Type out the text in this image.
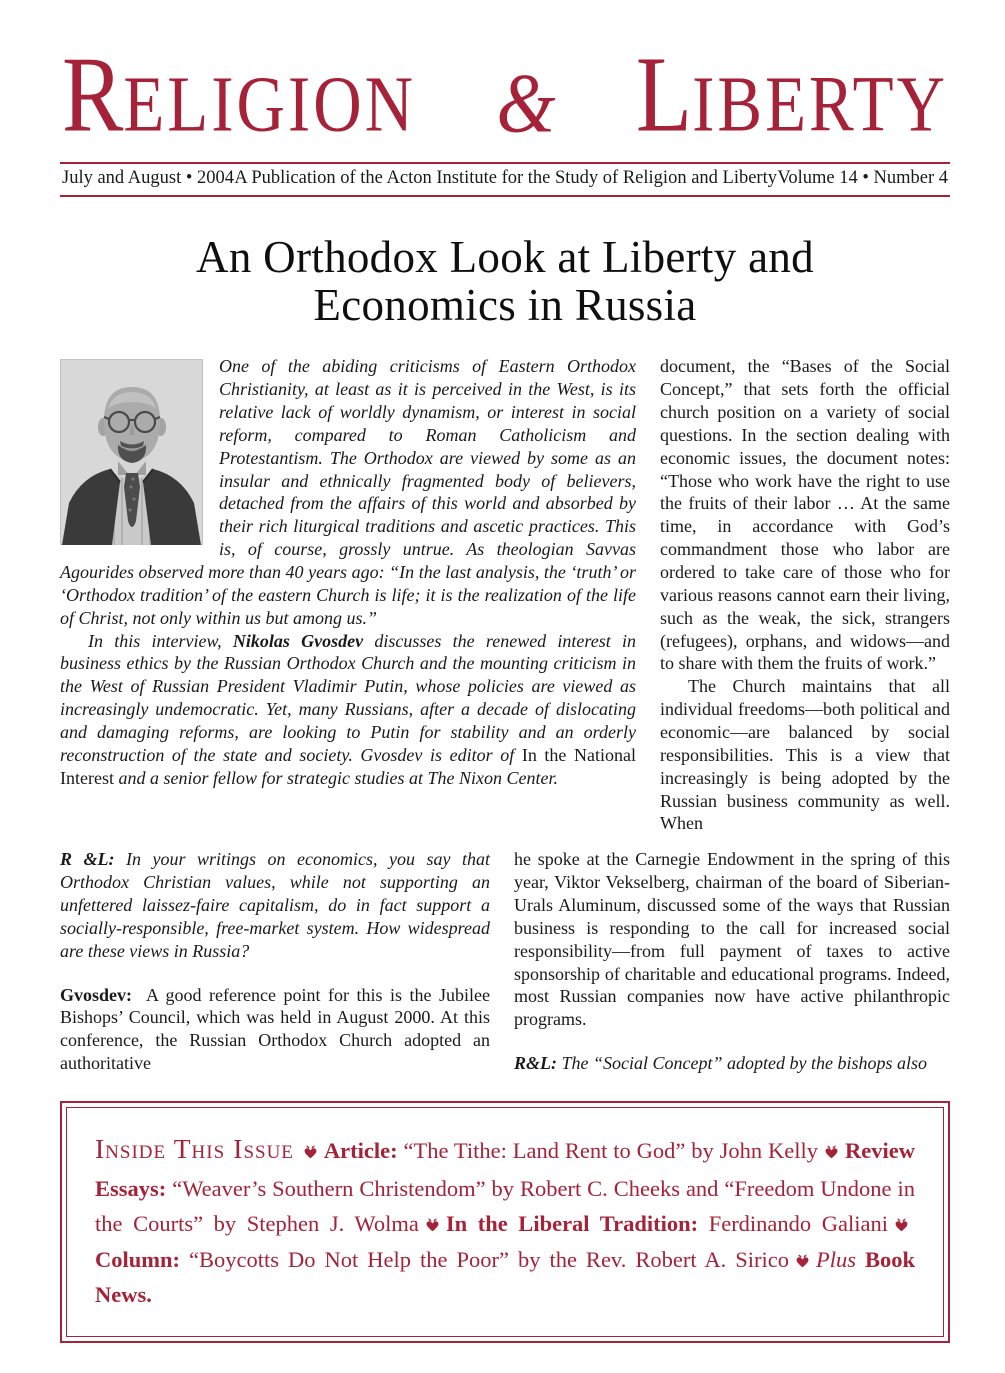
RELIGION & LIBERTY
July and August • 2004 A Publication of the Acton Institute for the Study of Religion and Liberty Volume 14 • Number 4
An Orthodox Look at Liberty and
Economics in Russia

One of the abiding criticisms of Eastern Orthodox Christianity, at least as it is perceived in the West, is its relative lack of worldly dynamism, or interest in social reform, compared to Roman Catholicism and Protestantism. The Orthodox are viewed by some as an insular and ethnically fragmented body of believers, detached from the affairs of this world and absorbed by their rich liturgical traditions and ascetic practices. This is, of course, grossly untrue. As theologian Savvas Agourides observed more than 40 years ago: “In the last analysis, the ‘truth’ or ‘Orthodox tradition’ of the eastern Church is life; it is the realization of the life of Christ, not only within us but among us.”

In this interview, Nikolas Gvosdev discusses the renewed interest in business ethics by the Russian Orthodox Church and the mounting criticism in the West of Russian President Vladimir Putin, whose policies are viewed as increasingly undemocratic. Yet, many Russians, after a decade of dislocating and damaging reforms, are looking to Putin for stability and an orderly reconstruction of the state and society. Gvosdev is editor of In the National Interest and a senior fellow for strategic studies at The Nixon Center.

document, the “Bases of the Social Concept,” that sets forth the official church position on a variety of social questions. In the section dealing with economic issues, the document notes: “Those who work have the right to use the fruits of their labor … At the same time, in accordance with God’s commandment those who labor are ordered to take care of those who for various reasons cannot earn their living, such as the weak, the sick, strangers (refugees), orphans, and widows—and to share with them the fruits of work.”

The Church maintains that all individual freedoms—both political and economic—are balanced by social responsibilities. This is a view that increasingly is being adopted by the Russian business community as well. When

R &L: In your writings on economics, you say that Orthodox Christian values, while not supporting an unfettered laissez-faire capitalism, do in fact support a socially-responsible, free-market system. How widespread are these views in Russia?

Gvosdev:  A good reference point for this is the Jubilee Bishops’ Council, which was held in August 2000. At this conference, the Russian Orthodox Church adopted an authoritative

he spoke at the Carnegie Endowment in the spring of this year, Viktor Vekselberg, chairman of the board of Siberian-Urals Aluminum, discussed some of the ways that Russian business is responding to the call for increased social responsibility—from full payment of taxes to active sponsorship of charitable and educational programs. Indeed, most Russian companies now have active philanthropic programs.

R&L: The “Social Concept” adopted by the bishops also

Inside This Issue Article: “The Tithe: Land Rent to God” by John Kelly Review Essays: “Weaver’s Southern Christendom” by Robert C. Cheeks and “Freedom Undone in the Courts” by Stephen J. Wolma In the Liberal Tradition: Ferdinando Galiani
Column: “Boycotts Do Not Help the Poor” by the Rev. Robert A. Sirico Plus Book News.
